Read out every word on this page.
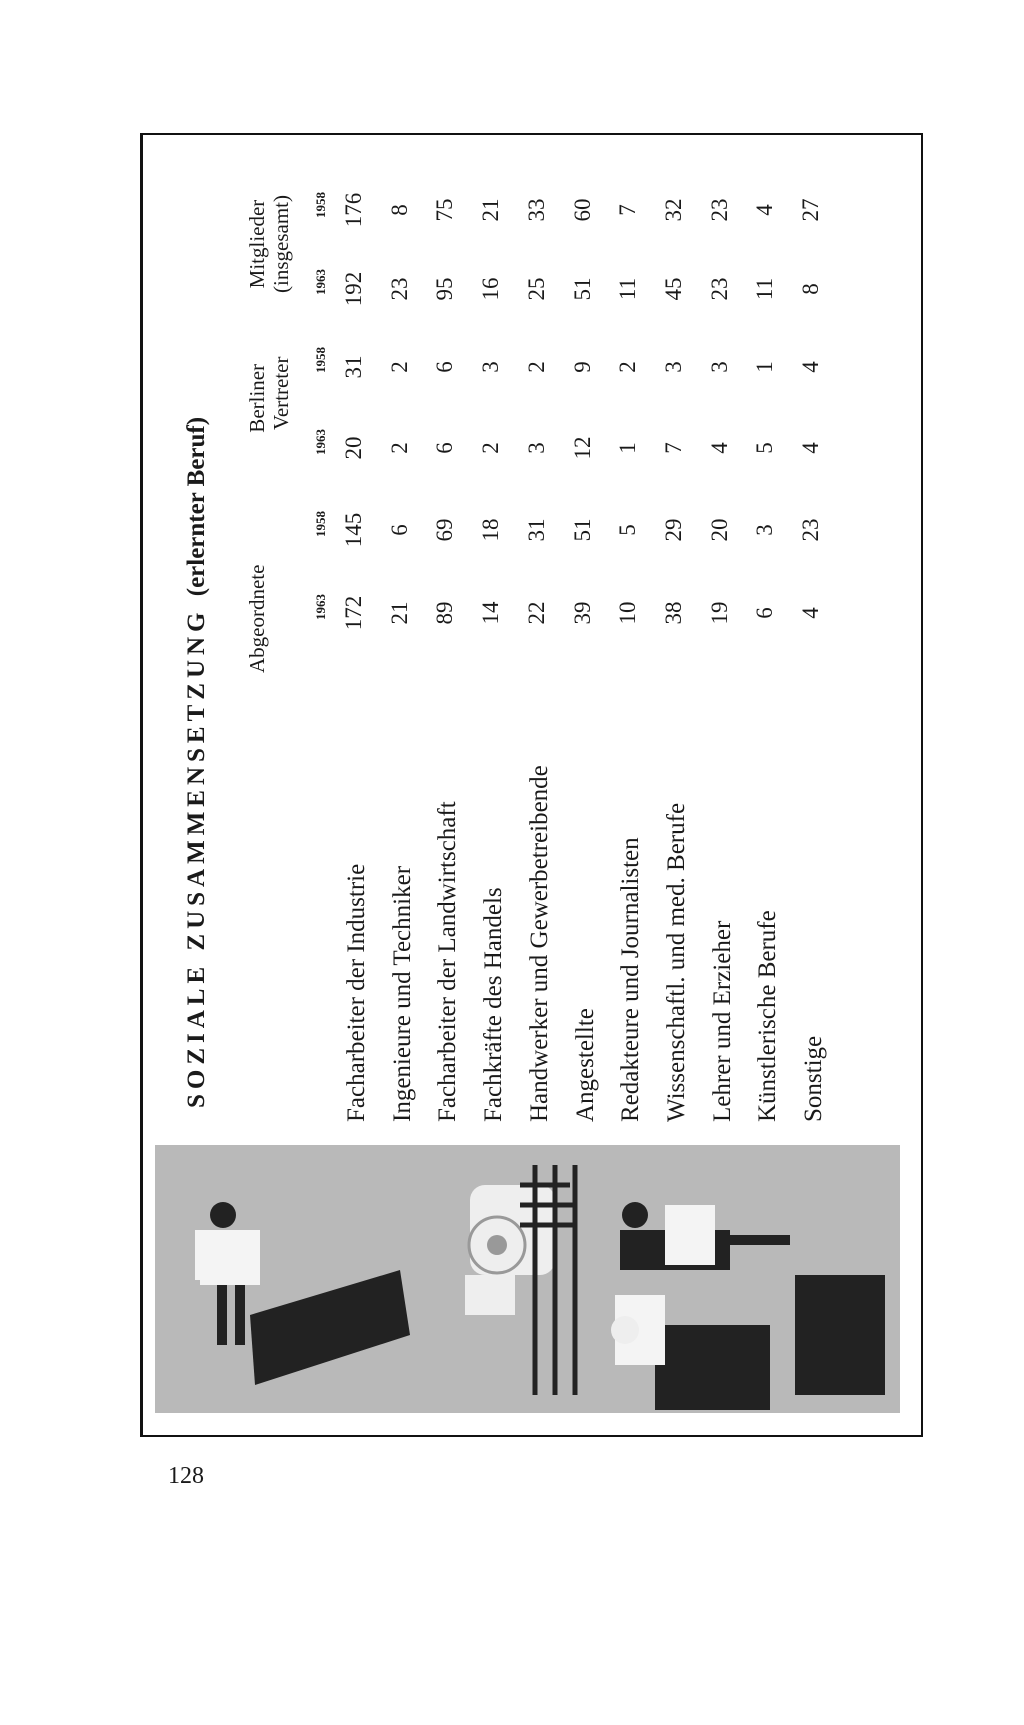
SOZIALE ZUSAMMENSETZUNG (erlernter Beruf)
Abgeordnete
Berliner Vertreter
Mitglieder (insgesamt)
1963
1958
1963
1958
1963
1958
Facharbeiter der Industrie
172
145
20
31
192
176
Ingenieure und Techniker
21
6
2
2
23
8
Facharbeiter der Landwirtschaft
89
69
6
6
95
75
Fachkräfte des Handels
14
18
2
3
16
21
Handwerker und Gewerbetreibende
22
31
3
2
25
33
Angestellte
39
51
12
9
51
60
Redakteure und Journalisten
10
5
1
2
11
7
Wissenschaftl. und med. Berufe
38
29
7
3
45
32
Lehrer und Erzieher
19
20
4
3
23
23
Künstlerische Berufe
6
3
5
1
11
4
Sonstige
4
23
4
4
8
27
128
